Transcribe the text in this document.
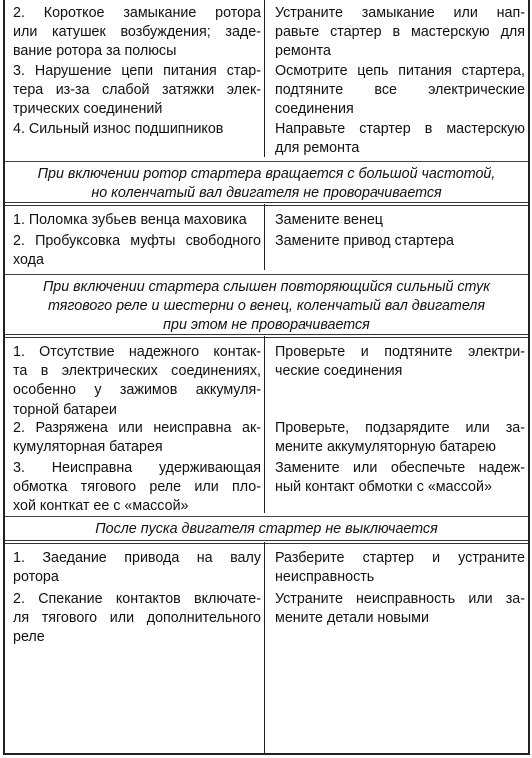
2. Короткое замыкание ротора
или катушек возбуждения; заде-
вание ротора за полюсы
Устраните замыкание или нап-
равьте стартер в мастерскую для
ремонта
3. Нарушение цепи питания стар-
тера из-за слабой затяжки элек-
трических соединений
Осмотрите цепь питания стартера,
подтяните все электрические
соединения
4. Сильный износ подшипников	Направьте стартер в мастерскую
для ремонта
При включении ротор стартера вращается с большой частотой,
но коленчатый вал двигателя не проворачивается
1. Поломка зубьев венца маховика	Замените венец
2. Пробуксовка муфты свободного
хода
Замените привод стартера
При включении стартера слышен повторяющийся сильный стук
тягового реле и шестерни о венец, коленчатый вал двигателя
при этом не проворачивается
1. Отсутствие надежного контак-
та в электрических соединениях,
особенно у зажимов аккумуля-
торной батареи
Проверьте и подтяните электри-
ческие соединения
2. Разряжена или неисправна ак-
кумуляторная батарея
Проверьте, подзарядите или за-
мените аккумуляторную батарею
3. Неисправна удерживающая
обмотка тягового реле или пло-
хой конткат ее с «массой»
Замените или обеспечьте надеж-
ный контакт обмотки с «массой»
После пуска двигателя стартер не выключается
1. Заедание привода на валу
ротора
Разберите стартер и устраните
неисправность
2. Спекание контактов включате-
ля тягового или дополнительного
реле
Устраните неисправность или за-
мените детали новыми
